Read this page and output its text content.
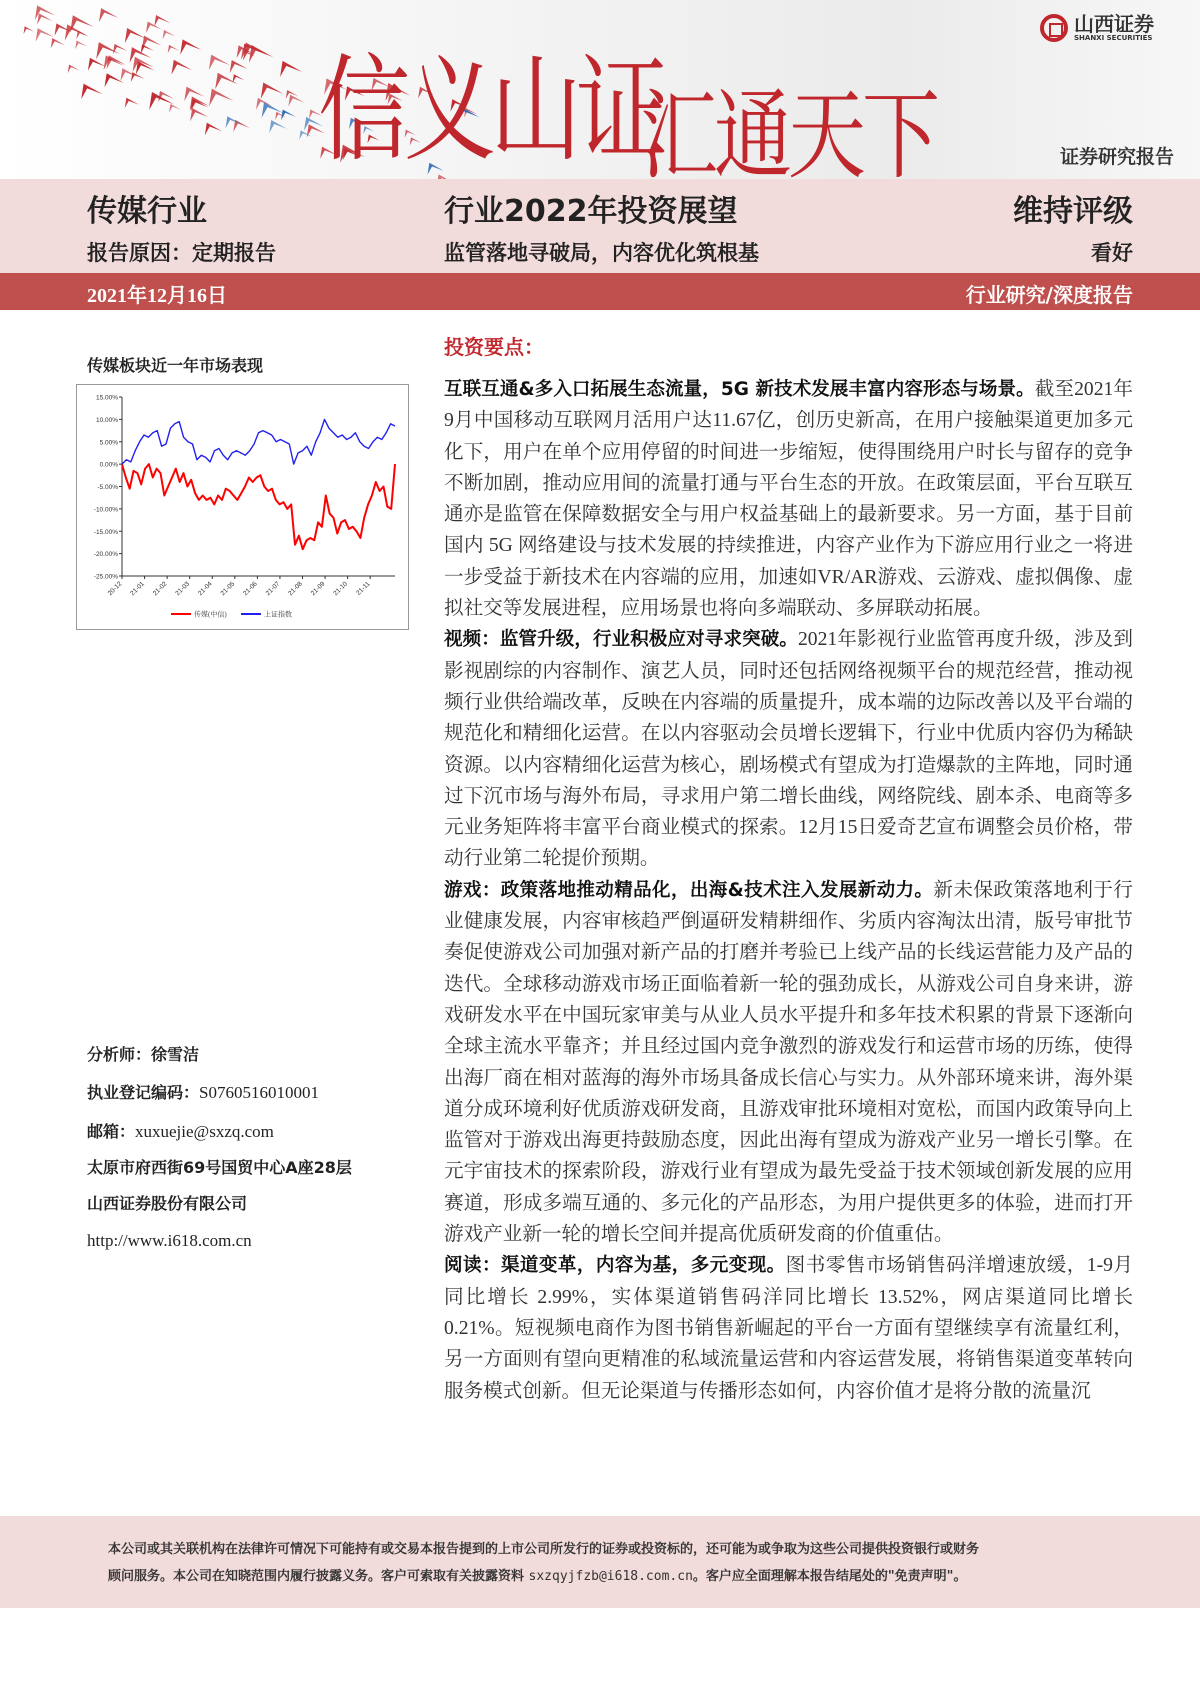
信义山证
汇通天下
山西证券
SHANXI SECURITIES
证券研究报告
传媒行业	行业2022年投资展望	维持评级
报告原因：定期报告	监管落地寻破局，内容优化筑根基	看好
2021年12月16日	行业研究/深度报告
传媒板块近一年市场表现
15.00%
10.00%
5.00%
0.00%
-5.00%
-10.00%
-15.00%
-20.00%
-25.00%
20-12 21-01 21-02 21-03 21-04 21-05 21-06 21-07 21-08 21-09 21-10 21-11
传媒(中信)	上证指数
分析师：徐雪洁
执业登记编码：S0760516010001
邮箱：xuxuejie@sxzq.com
太原市府西街69号国贸中心A座28层
山西证券股份有限公司
http://www.i618.com.cn
投资要点：

互联互通&多入口拓展生态流量，5G 新技术发展丰富内容形态与场景。截至2021年9月中国移动互联网月活用户达11.67亿，创历史新高，在用户接触渠道更加多元化下，用户在单个应用停留的时间进一步缩短，使得围绕用户时长与留存的竞争不断加剧，推动应用间的流量打通与平台生态的开放。在政策层面，平台互联互通亦是监管在保障数据安全与用户权益基础上的最新要求。另一方面，基于目前国内 5G 网络建设与技术发展的持续推进，内容产业作为下游应用行业之一将进一步受益于新技术在内容端的应用，加速如VR/AR游戏、云游戏、虚拟偶像、虚拟社交等发展进程，应用场景也将向多端联动、多屏联动拓展。

视频：监管升级，行业积极应对寻求突破。2021年影视行业监管再度升级，涉及到影视剧综的内容制作、演艺人员，同时还包括网络视频平台的规范经营，推动视频行业供给端改革，反映在内容端的质量提升，成本端的边际改善以及平台端的规范化和精细化运营。在以内容驱动会员增长逻辑下，行业中优质内容仍为稀缺资源。以内容精细化运营为核心，剧场模式有望成为打造爆款的主阵地，同时通过下沉市场与海外布局，寻求用户第二增长曲线，网络院线、剧本杀、电商等多元业务矩阵将丰富平台商业模式的探索。12月15日爱奇艺宣布调整会员价格，带动行业第二轮提价预期。

游戏：政策落地推动精品化，出海&技术注入发展新动力。新未保政策落地利于行业健康发展，内容审核趋严倒逼研发精耕细作、劣质内容淘汰出清，版号审批节奏促使游戏公司加强对新产品的打磨并考验已上线产品的长线运营能力及产品的迭代。全球移动游戏市场正面临着新一轮的强劲成长，从游戏公司自身来讲，游戏研发水平在中国玩家审美与从业人员水平提升和多年技术积累的背景下逐渐向全球主流水平靠齐；并且经过国内竞争激烈的游戏发行和运营市场的历练，使得出海厂商在相对蓝海的海外市场具备成长信心与实力。从外部环境来讲，海外渠道分成环境利好优质游戏研发商，且游戏审批环境相对宽松，而国内政策导向上监管对于游戏出海更持鼓励态度，因此出海有望成为游戏产业另一增长引擎。在元宇宙技术的探索阶段，游戏行业有望成为最先受益于技术领域创新发展的应用赛道，形成多端互通的、多元化的产品形态，为用户提供更多的体验，进而打开游戏产业新一轮的增长空间并提高优质研发商的价值重估。

阅读：渠道变革，内容为基，多元变现。图书零售市场销售码洋增速放缓，1-9月同比增长 2.99%，实体渠道销售码洋同比增长 13.52%，网店渠道同比增长0.21%。短视频电商作为图书销售新崛起的平台一方面有望继续享有流量红利，另一方面则有望向更精准的私域流量运营和内容运营发展，将销售渠道变革转向服务模式创新。但无论渠道与传播形态如何，内容价值才是将分散的流量沉

本公司或其关联机构在法律许可情况下可能持有或交易本报告提到的上市公司所发行的证券或投资标的，还可能为或争取为这些公司提供投资银行或财务
顾问服务。本公司在知晓范围内履行披露义务。客户可索取有关披露资料 sxzqyjfzb@i618.com.cn。客户应全面理解本报告结尾处的"免责声明"。
